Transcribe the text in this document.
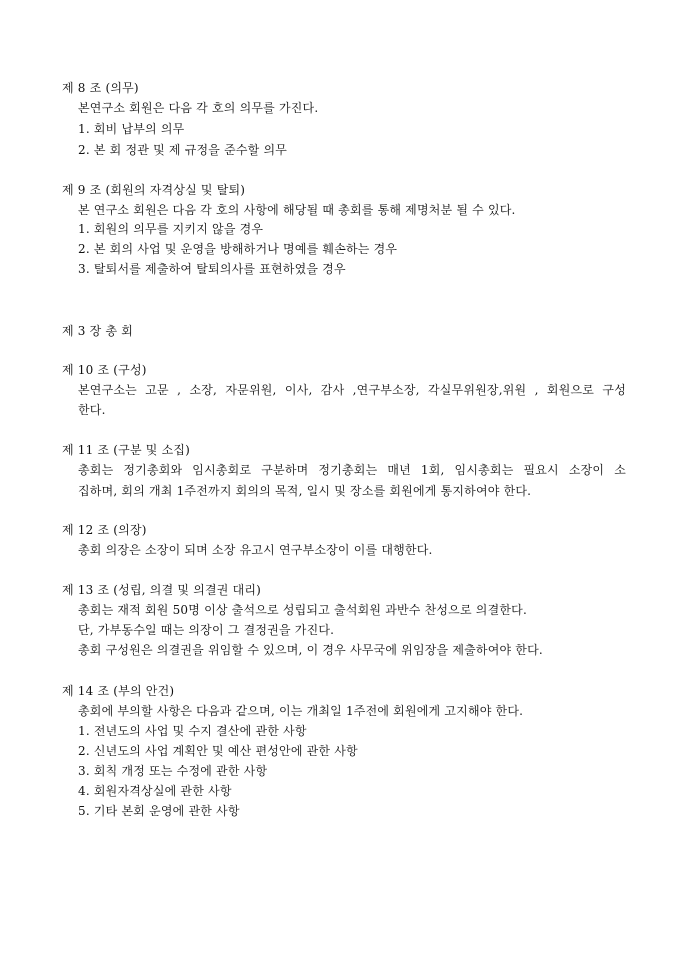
제 8 조 (의무)
본연구소 회원은 다음 각 호의 의무를 가진다.
1. 회비 납부의 의무
2. 본 회 정관 및 제 규정을 준수할 의무
제 9 조 (회원의 자격상실 및 탈퇴)
본 연구소 회원은 다음 각 호의 사항에 해당될 때 총회를 통해 제명처분 될 수 있다.
1. 회원의 의무를 지키지 않을 경우
2. 본 회의 사업 및 운영을 방해하거나 명예를 훼손하는 경우
3. 탈퇴서를 제출하여 탈퇴의사를 표현하였을 경우
제 3 장 총 회
제 10 조 (구성)
본연구소는 고문 , 소장, 자문위원, 이사, 감사 ,연구부소장, 각실무위원장,위원 , 회원으로 구성
한다.
제 11 조 (구분 및 소집)
총회는 정기총회와 임시총회로 구분하며 정기총회는 매년 1회, 임시총회는 필요시 소장이 소
집하며, 회의 개최 1주전까지 회의의 목적, 일시 및 장소를 회원에게 통지하여야 한다.
제 12 조 (의장)
총회 의장은 소장이 되며 소장 유고시 연구부소장이 이를 대행한다.
제 13 조 (성립, 의결 및 의결권 대리)
총회는 재적 회원 50명 이상 출석으로 성립되고 출석회원 과반수 찬성으로 의결한다.
단, 가부동수일 때는 의장이 그 결정권을 가진다.
총회 구성원은 의결권을 위임할 수 있으며, 이 경우 사무국에 위임장을 제출하여야 한다.
제 14 조 (부의 안건)
총회에 부의할 사항은 다음과 같으며, 이는 개최일 1주전에 회원에게 고지해야 한다.
1. 전년도의 사업 및 수지 결산에 관한 사항
2. 신년도의 사업 계획안 및 예산 편성안에 관한 사항
3. 회칙 개정 또는 수정에 관한 사항
4. 회원자격상실에 관한 사항
5. 기타 본회 운영에 관한 사항
